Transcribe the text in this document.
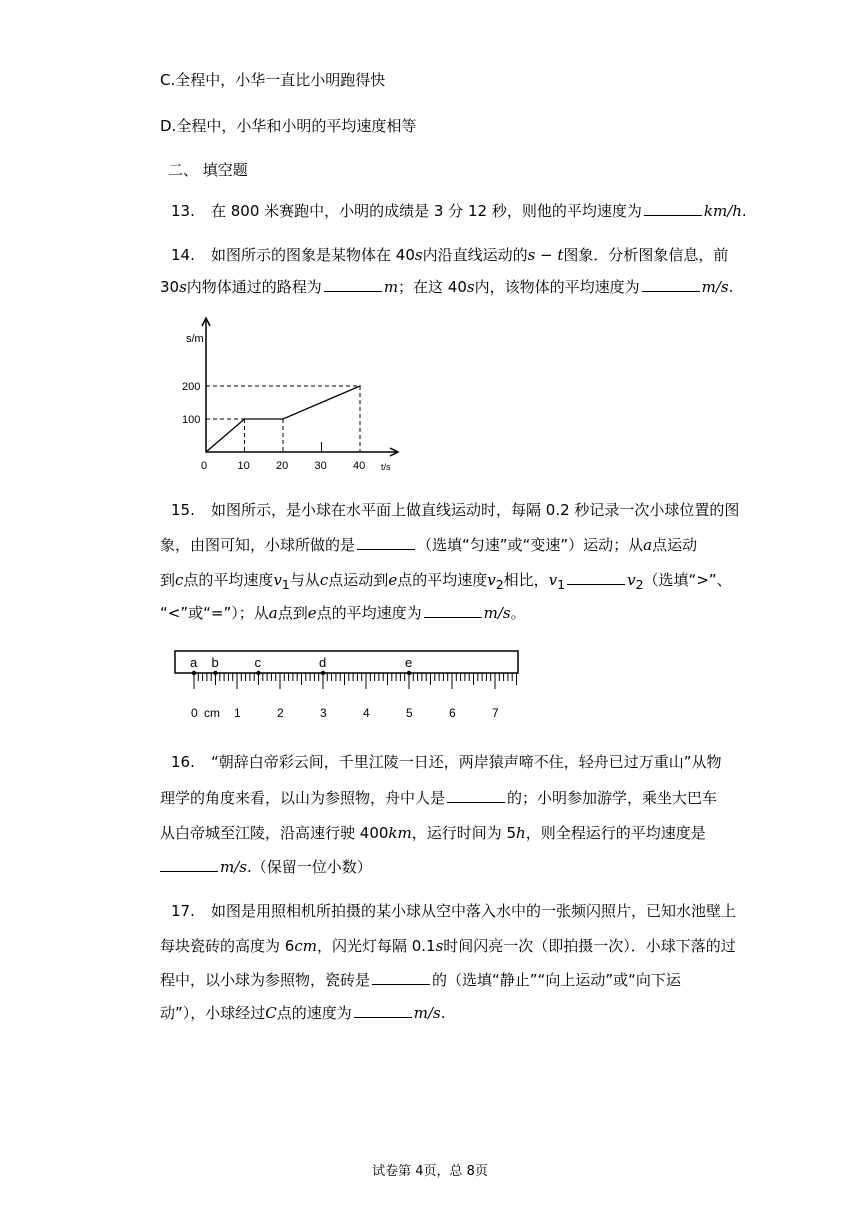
C.全程中，小华一直比小明跑得快
D.全程中，小华和小明的平均速度相等
二、 填空题
13. 在 800 米赛跑中，小明的成绩是 3 分 12 秒，则他的平均速度为	km/h.
14. 如图所示的图象是某物体在 40s内沿直线运动的s − t图象．分析图象信息，前
30s内物体通过的路程为	m；在这 40s内，该物体的平均速度为	m/s.
s/m
t/s
0	10 20 30 40
100
200
15. 如图所示，是小球在水平面上做直线运动时，每隔 0.2 秒记录一次小球位置的图
象，由图可知，小球所做的是	（选填“匀速”或“变速”）运动；从a点运动
到c点的平均速度$v_1$与从c点运动到e点的平均速度$v_2$相比，$v_1$	$v_2$（选填“>”、
“<”或“=”）；从a点到e点的平均速度为	m/s。
0	1	2	3	4	5	6	7
cm
a b	c	d	e
16. “朝辞白帝彩云间，千里江陵一日还，两岸猿声啼不住，轻舟已过万重山”从物
理学的角度来看，以山为参照物，舟中人是	的；小明参加游学，乘坐大巴车
从白帝城至江陵，沿高速行驶 400km，运行时间为 5h，则全程运行的平均速度是
m/s.（保留一位小数）
17. 如图是用照相机所拍摄的某小球从空中落入水中的一张频闪照片，已知水池壁上
每块瓷砖的高度为 6cm，闪光灯每隔 0.1s时间闪亮一次（即拍摄一次）．小球下落的过
程中，以小球为参照物，瓷砖是	的（选填“静止”“向上运动”或“向下运
动”），小球经过C点的速度为	m/s.
试卷第 4页，总 8页
